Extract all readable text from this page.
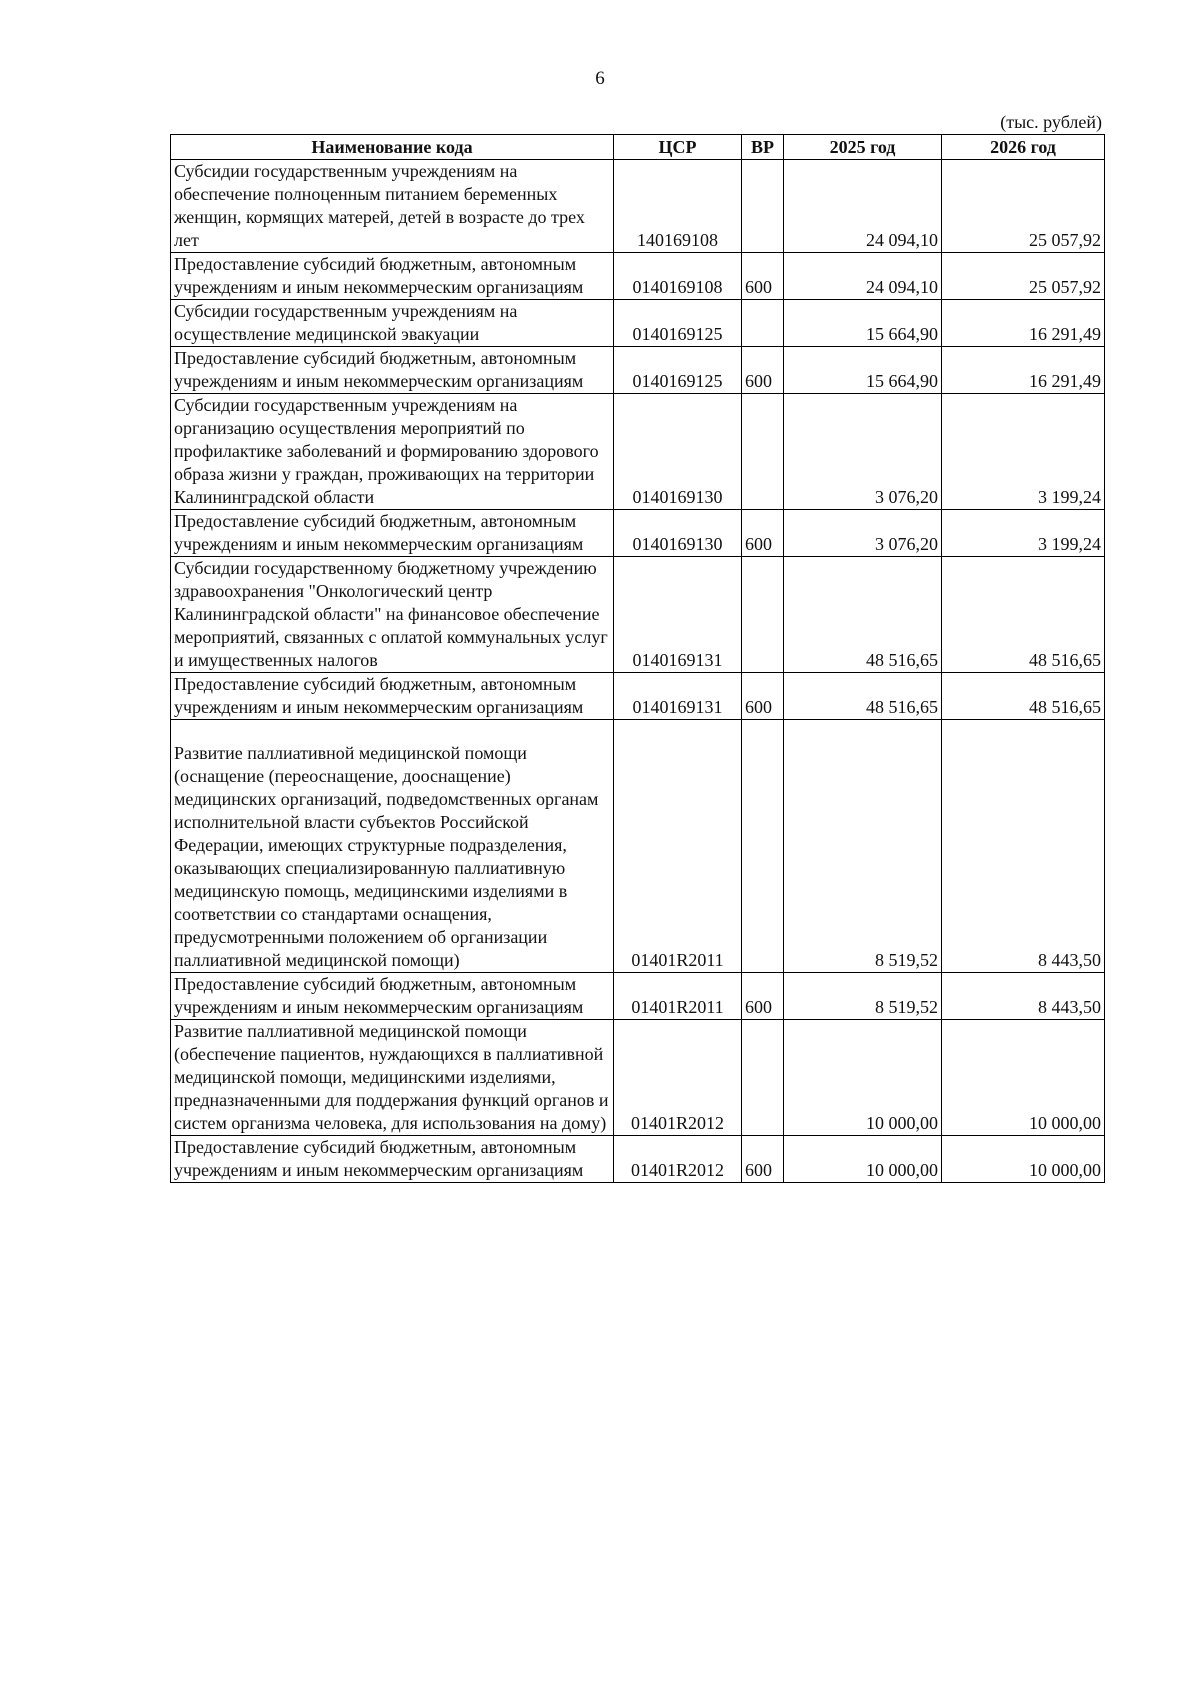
6
(тыс. рублей)
Наименование кода	ЦСР	ВР	2025 год	2026 год
Субсидии государственным учреждениям на обеспечение полноценным питанием беременных женщин, кормящих матерей, детей в возрасте до трех лет	140169108		24 094,10	25 057,92
Предоставление субсидий бюджетным, автономным учреждениям и иным некоммерческим организациям	0140169108	600	24 094,10	25 057,92
Субсидии государственным учреждениям на осуществление медицинской эвакуации	0140169125		15 664,90	16 291,49
Предоставление субсидий бюджетным, автономным учреждениям и иным некоммерческим организациям	0140169125	600	15 664,90	16 291,49
Субсидии государственным учреждениям на организацию осуществления мероприятий по профилактике заболеваний и формированию здорового образа жизни у граждан, проживающих на территории Калининградской области	0140169130		3 076,20	3 199,24
Предоставление субсидий бюджетным, автономным учреждениям и иным некоммерческим организациям	0140169130	600	3 076,20	3 199,24
Субсидии государственному бюджетному учреждению здравоохранения "Онкологический центр Калининградской области" на финансовое обеспечение мероприятий, связанных с оплатой коммунальных услуг и имущественных налогов	0140169131		48 516,65	48 516,65
Предоставление субсидий бюджетным, автономным учреждениям и иным некоммерческим организациям	0140169131	600	48 516,65	48 516,65
Развитие паллиативной медицинской помощи (оснащение (переоснащение, дооснащение) медицинских организаций, подведомственных органам исполнительной власти субъектов Российской Федерации, имеющих структурные подразделения, оказывающих специализированную паллиативную медицинскую помощь, медицинскими изделиями в соответствии со стандартами оснащения, предусмотренными положением об организации паллиативной медицинской помощи)	01401R2011		8 519,52	8 443,50
Предоставление субсидий бюджетным, автономным учреждениям и иным некоммерческим организациям	01401R2011	600	8 519,52	8 443,50
Развитие паллиативной медицинской помощи (обеспечение пациентов, нуждающихся в паллиативной медицинской помощи, медицинскими изделиями, предназначенными для поддержания функций органов и систем организма человека, для использования на дому)	01401R2012		10 000,00	10 000,00
Предоставление субсидий бюджетным, автономным учреждениям и иным некоммерческим организациям	01401R2012	600	10 000,00	10 000,00
